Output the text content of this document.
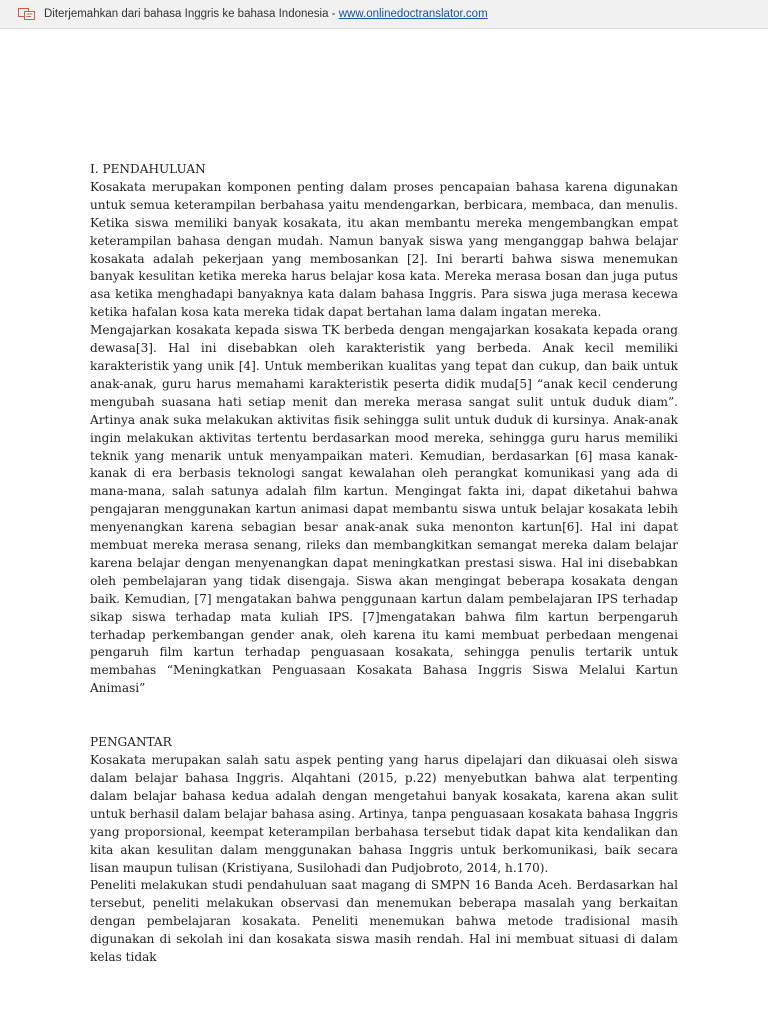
Diterjemahkan dari bahasa Inggris ke bahasa Indonesia - www.onlinedoctranslator.com

I. PENDAHULUAN

Kosakata merupakan komponen penting dalam proses pencapaian bahasa karena digunakan untuk semua keterampilan berbahasa yaitu mendengarkan, berbicara, membaca, dan menulis. Ketika siswa memiliki banyak kosakata, itu akan membantu mereka mengembangkan empat keterampilan bahasa dengan mudah. Namun banyak siswa yang menganggap bahwa belajar kosakata adalah pekerjaan yang membosankan [2]. Ini berarti bahwa siswa menemukan banyak kesulitan ketika mereka harus belajar kosa kata. Mereka merasa bosan dan juga putus asa ketika menghadapi banyaknya kata dalam bahasa Inggris. Para siswa juga merasa kecewa ketika hafalan kosa kata mereka tidak dapat bertahan lama dalam ingatan mereka.

Mengajarkan kosakata kepada siswa TK berbeda dengan mengajarkan kosakata kepada orang dewasa[3]. Hal ini disebabkan oleh karakteristik yang berbeda. Anak kecil memiliki karakteristik yang unik [4]. Untuk memberikan kualitas yang tepat dan cukup, dan baik untuk anak-anak, guru harus memahami karakteristik peserta didik muda[5] “anak kecil cenderung mengubah suasana hati setiap menit dan mereka merasa sangat sulit untuk duduk diam”. Artinya anak suka melakukan aktivitas fisik sehingga sulit untuk duduk di kursinya. Anak-anak ingin melakukan aktivitas tertentu berdasarkan mood mereka, sehingga guru harus memiliki teknik yang menarik untuk menyampaikan materi. Kemudian, berdasarkan [6] masa kanak-kanak di era berbasis teknologi sangat kewalahan oleh perangkat komunikasi yang ada di mana-mana, salah satunya adalah film kartun. Mengingat fakta ini, dapat diketahui bahwa pengajaran menggunakan kartun animasi dapat membantu siswa untuk belajar kosakata lebih menyenangkan karena sebagian besar anak-anak suka menonton kartun[6]. Hal ini dapat membuat mereka merasa senang, rileks dan membangkitkan semangat mereka dalam belajar karena belajar dengan menyenangkan dapat meningkatkan prestasi siswa. Hal ini disebabkan oleh pembelajaran yang tidak disengaja. Siswa akan mengingat beberapa kosakata dengan baik. Kemudian, [7] mengatakan bahwa penggunaan kartun dalam pembelajaran IPS terhadap sikap siswa terhadap mata kuliah IPS. [7]mengatakan bahwa film kartun berpengaruh terhadap perkembangan gender anak, oleh karena itu kami membuat perbedaan mengenai pengaruh film kartun terhadap penguasaan kosakata, sehingga penulis tertarik untuk membahas “Meningkatkan Penguasaan Kosakata Bahasa Inggris Siswa Melalui Kartun Animasi”

PENGANTAR

Kosakata merupakan salah satu aspek penting yang harus dipelajari dan dikuasai oleh siswa dalam belajar bahasa Inggris. Alqahtani (2015, p.22) menyebutkan bahwa alat terpenting dalam belajar bahasa kedua adalah dengan mengetahui banyak kosakata, karena akan sulit untuk berhasil dalam belajar bahasa asing. Artinya, tanpa penguasaan kosakata bahasa Inggris yang proporsional, keempat keterampilan berbahasa tersebut tidak dapat kita kendalikan dan kita akan kesulitan dalam menggunakan bahasa Inggris untuk berkomunikasi, baik secara lisan maupun tulisan (Kristiyana, Susilohadi dan Pudjobroto, 2014, h.170).

Peneliti melakukan studi pendahuluan saat magang di SMPN 16 Banda Aceh. Berdasarkan hal tersebut, peneliti melakukan observasi dan menemukan beberapa masalah yang berkaitan dengan pembelajaran kosakata. Peneliti menemukan bahwa metode tradisional masih digunakan di sekolah ini dan kosakata siswa masih rendah. Hal ini membuat situasi di dalam kelas tidak
